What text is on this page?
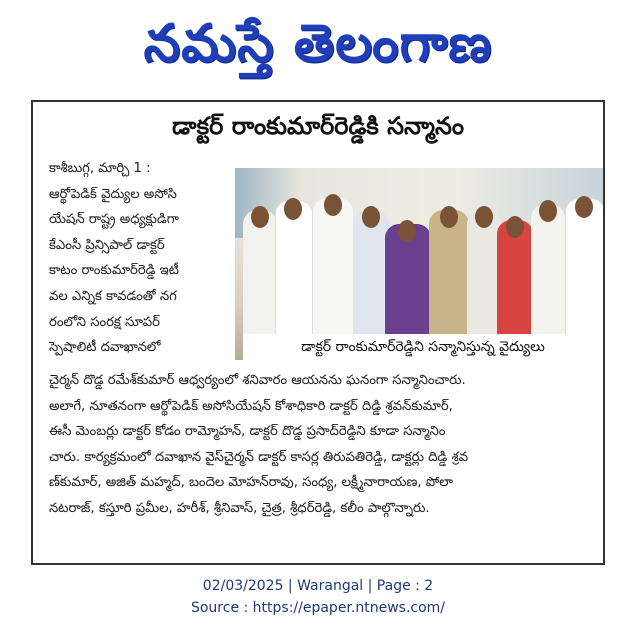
నమస్తే తెలంగాణ
డాక్టర్ రాంకుమార్‌రెడ్డికి సన్మానం
కాశీబుగ్గ, మార్చి 1 :
ఆర్థోపెడిక్ వైద్యుల అసోసి
యేషన్ రాష్ట్ర అధ్యక్షుడిగా
కేఎంసీ ప్రిన్సిపాల్ డాక్టర్
కాటం రాంకుమార్‌రెడ్డి ఇటీ
వల ఎన్నిక కావడంతో నగ
రంలోని సంరక్ష సూపర్
స్పెషాలిటీ దవాఖానలో	డాక్టర్ రాంకుమార్‌రెడ్డిని సన్మానిస్తున్న వైద్యులు
చైర్మన్ దొడ్డ రమేశ్‌కుమార్ ఆధ్వర్యంలో శనివారం ఆయనను ఘనంగా సన్మానించారు.
అలాగే, నూతనంగా ఆర్థోపెడిక్ అసోసియేషన్ కోశాధికారి డాక్టర్ దిడ్డి శ్రవన్‌కుమార్,
ఈసీ మెంబర్లు డాక్టర్ కోడం రామ్మోహన్, డాక్టర్ దొడ్డ ప్రసాద్‌రెడ్డిని కూడా సన్మానిం
చారు. కార్యక్రమంలో దవాఖాన వైస్‌చైర్మన్ డాక్టర్ కాసర్ల తిరుపతిరెడ్డి, డాక్టర్లు దిడ్డి శ్రవ
ణ్‌కుమార్, అజిత్ మహ్మద్, బందెల మోహన్‌రావు, సంధ్య, లక్ష్మీనారాయణ, పోలా
నటరాజ్, కస్తూరి ప్రమీల, హరీశ్, శ్రీనివాస్, చైత్ర, శ్రీధర్‌రెడ్డి, కలీం పాల్గొన్నారు.
02/03/2025 | Warangal | Page : 2
Source : https://epaper.ntnews.com/
